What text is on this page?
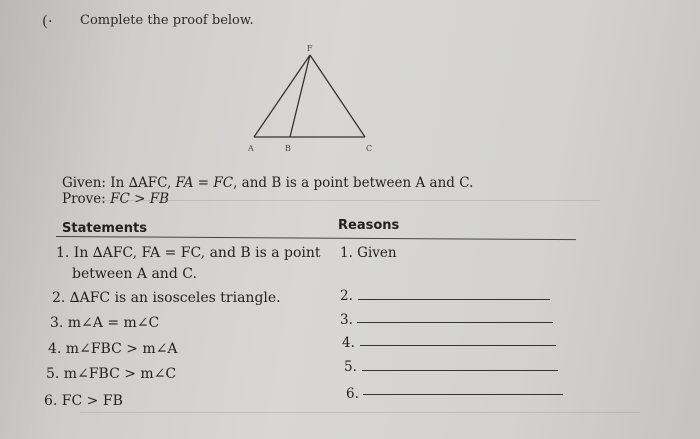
(· Complete the proof below.
F
A	B	C
Given: In ∆AFC, FA = FC, and B is a point between A and C.
Prove: FC > FB
Statements	Reasons
1. In ∆AFC, FA = FC, and B is a point
between A and C.
1. Given
2. ∆AFC is an isosceles triangle.	2.
3. m∠A = m∠C	3.
4. m∠FBC > m∠A	4.
5. m∠FBC > m∠C	5.
6. FC > FB	6.
